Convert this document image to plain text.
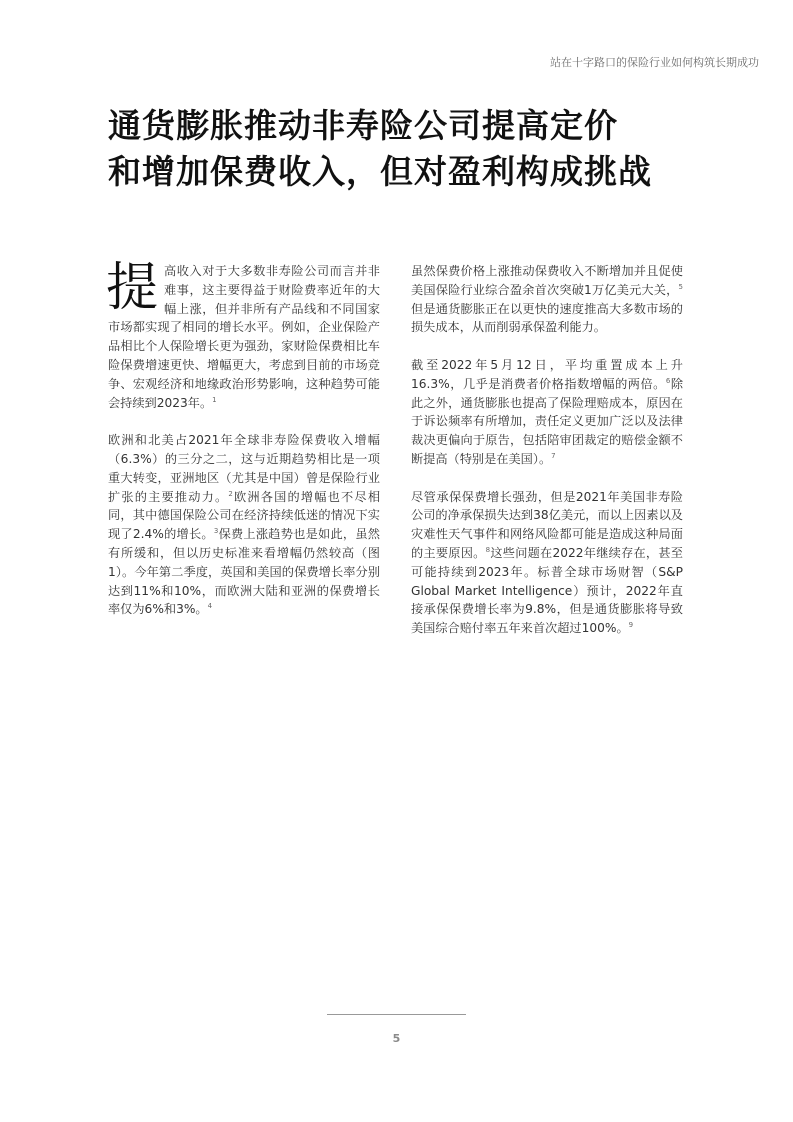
站在十字路口的保险行业如何构筑长期成功
通货膨胀推动非寿险公司提高定价
和增加保费收入，但对盈利构成挑战

提高收入对于大多数非寿险公司而言并非难事，这主要得益于财险费率近年的大幅上涨，但并非所有产品线和不同国家市场都实现了相同的增长水平。例如，企业保险产品相比个人保险增长更为强劲，家财险保费相比车险保费增速更快、增幅更大，考虑到目前的市场竞争、宏观经济和地缘政治形势影响，这种趋势可能会持续到2023年。$^1$

欧洲和北美占2021年全球非寿险保费收入增幅（6.3%）的三分之二，这与近期趋势相比是一项重大转变，亚洲地区（尤其是中国）曾是保险行业扩张的主要推动力。$^2$欧洲各国的增幅也不尽相同，其中德国保险公司在经济持续低迷的情况下实现了2.4%的增长。$^3$保费上涨趋势也是如此，虽然有所缓和，但以历史标准来看增幅仍然较高（图1）。今年第二季度，英国和美国的保费增长率分别达到11%和10%，而欧洲大陆和亚洲的保费增长率仅为6%和3%。$^4$

虽然保费价格上涨推动保费收入不断增加并且促使美国保险行业综合盈余首次突破1万亿美元大关，$^5$但是通货膨胀正在以更快的速度推高大多数市场的损失成本，从而削弱承保盈利能力。

截至2022年5月12日，平均重置成本上升16.3%，几乎是消费者价格指数增幅的两倍。$^6$除此之外，通货膨胀也提高了保险理赔成本，原因在于诉讼频率有所增加，责任定义更加广泛以及法律裁决更偏向于原告，包括陪审团裁定的赔偿金额不断提高（特别是在美国）。$^7$

尽管承保保费增长强劲，但是2021年美国非寿险公司的净承保损失达到38亿美元，而以上因素以及灾难性天气事件和网络风险都可能是造成这种局面的主要原因。$^8$这些问题在2022年继续存在，甚至可能持续到2023年。标普全球市场财智（S&P Global Market Intelligence）预计，2022年直接承保保费增长率为9.8%，但是通货膨胀将导致美国综合赔付率五年来首次超过100%。$^9$

5
